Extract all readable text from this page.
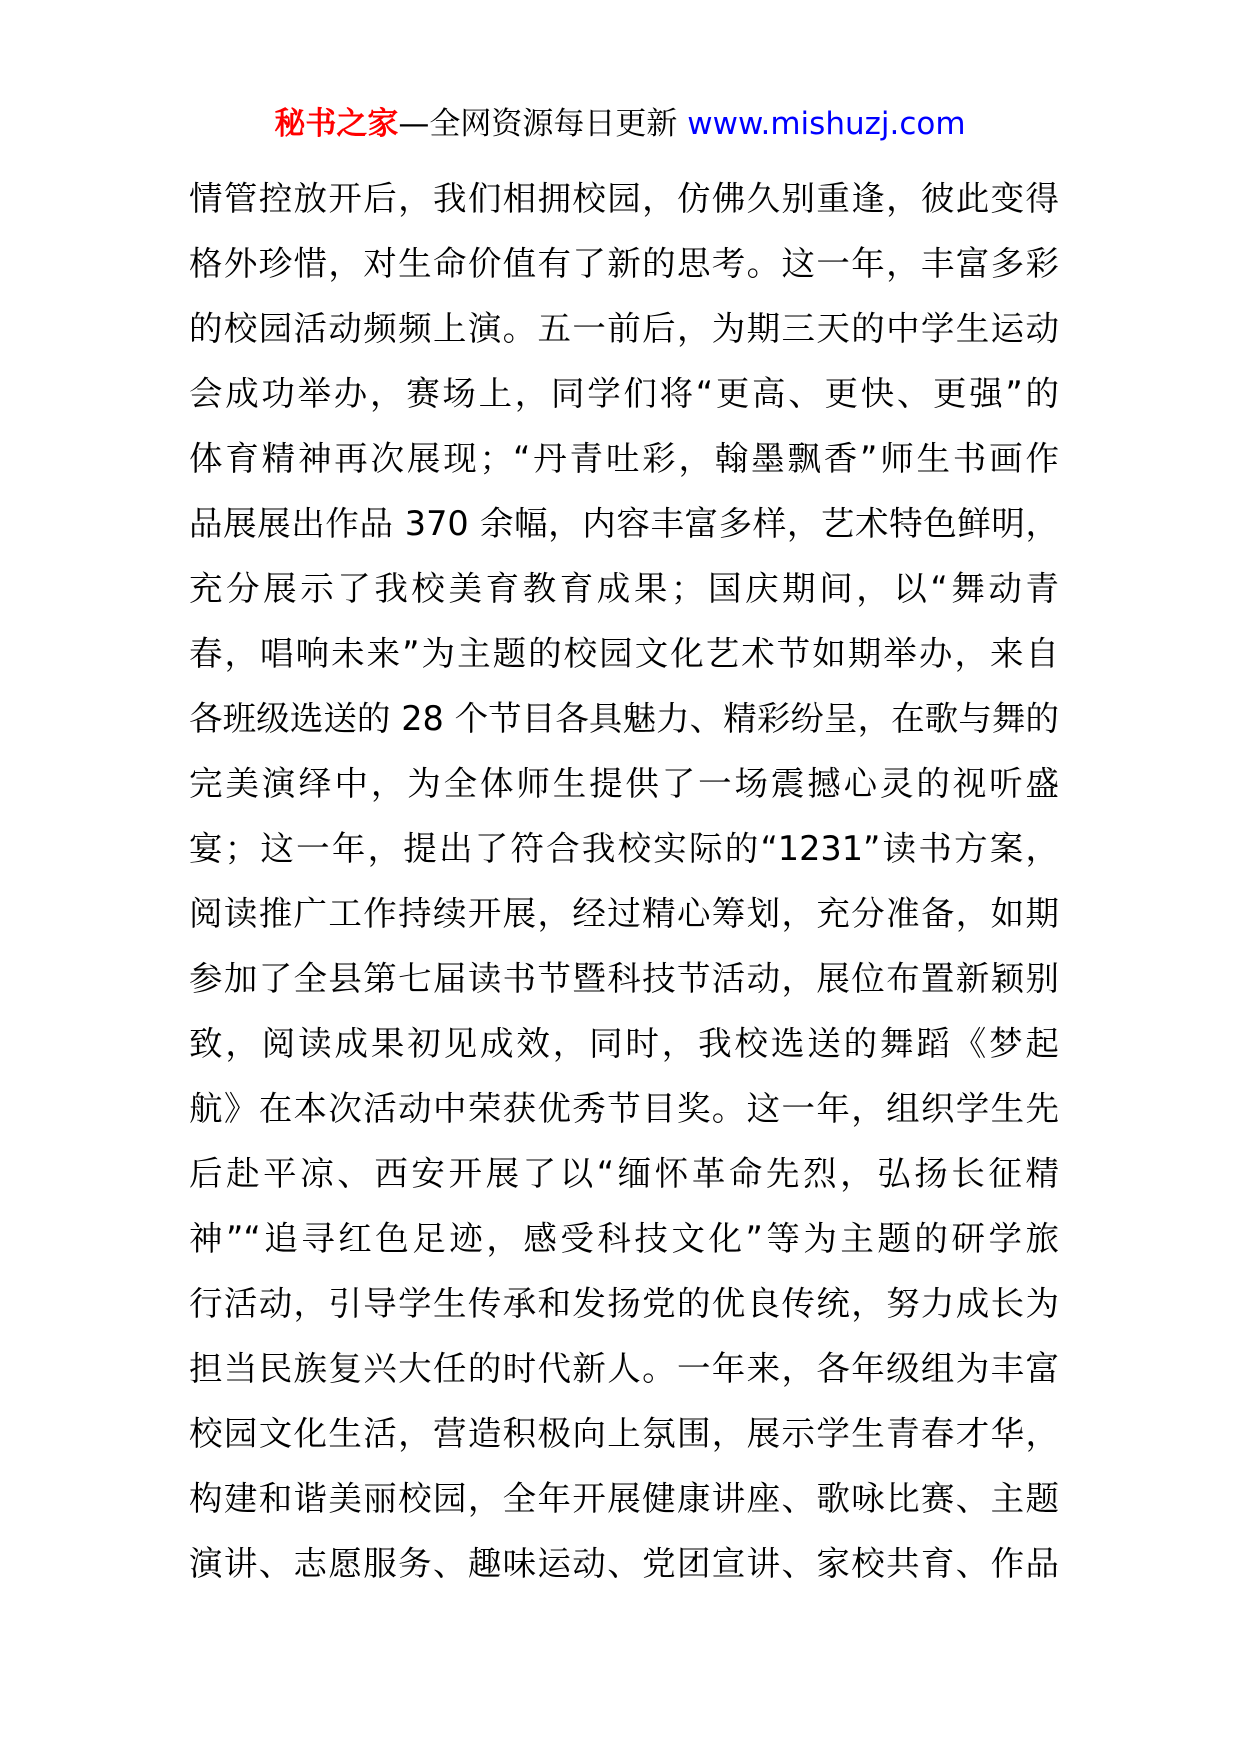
秘书之家—全网资源每日更新 www.mishuzj.com
情管控放开后，我们相拥校园，仿佛久别重逢，彼此变得
格外珍惜，对生命价值有了新的思考。这一年，丰富多彩
的校园活动频频上演。五一前后，为期三天的中学生运动
会成功举办，赛场上，同学们将“更高、更快、更强”的
体育精神再次展现；“丹青吐彩，翰墨飘香”师生书画作
品展展出作品 370 余幅，内容丰富多样，艺术特色鲜明，
充分展示了我校美育教育成果；国庆期间，以“舞动青
春，唱响未来”为主题的校园文化艺术节如期举办，来自
各班级选送的 28 个节目各具魅力、精彩纷呈，在歌与舞的
完美演绎中，为全体师生提供了一场震撼心灵的视听盛
宴；这一年，提出了符合我校实际的“1231”读书方案，
阅读推广工作持续开展，经过精心筹划，充分准备，如期
参加了全县第七届读书节暨科技节活动，展位布置新颖别
致，阅读成果初见成效，同时，我校选送的舞蹈《梦起
航》在本次活动中荣获优秀节目奖。这一年，组织学生先
后赴平凉、西安开展了以“缅怀革命先烈，弘扬长征精
神”“追寻红色足迹，感受科技文化”等为主题的研学旅
行活动，引导学生传承和发扬党的优良传统，努力成长为
担当民族复兴大任的时代新人。一年来，各年级组为丰富
校园文化生活，营造积极向上氛围，展示学生青春才华，
构建和谐美丽校园，全年开展健康讲座、歌咏比赛、主题
演讲、志愿服务、趣味运动、党团宣讲、家校共育、作品
